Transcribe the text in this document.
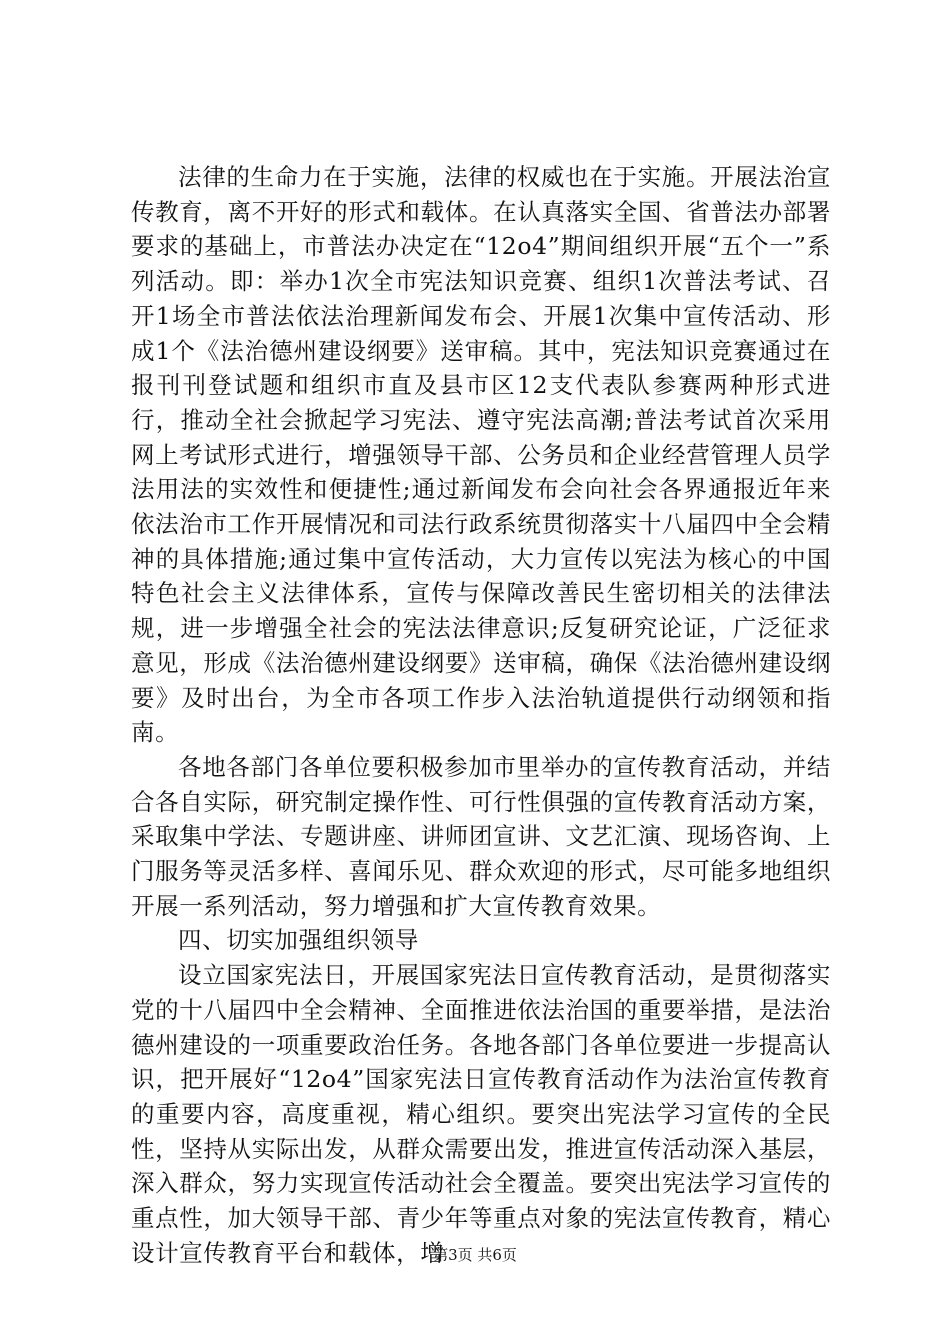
法律的生命力在于实施，法律的权威也在于实施。开展法治宣传教育，离不开好的形式和载体。在认真落实全国、省普法办部署要求的基础上，市普法办决定在“12o4”期间组织开展“五个一”系列活动。即：举办1次全市宪法知识竞赛、组织1次普法考试、召开1场全市普法依法治理新闻发布会、开展1次集中宣传活动、形成1个《法治德州建设纲要》送审稿。其中，宪法知识竞赛通过在报刊刊登试题和组织市直及县市区12支代表队参赛两种形式进行，推动全社会掀起学习宪法、遵守宪法高潮;普法考试首次采用网上考试形式进行，增强领导干部、公务员和企业经营管理人员学法用法的实效性和便捷性;通过新闻发布会向社会各界通报近年来依法治市工作开展情况和司法行政系统贯彻落实十八届四中全会精神的具体措施;通过集中宣传活动，大力宣传以宪法为核心的中国特色社会主义法律体系，宣传与保障改善民生密切相关的法律法规，进一步增强全社会的宪法法律意识;反复研究论证，广泛征求意见，形成《法治德州建设纲要》送审稿，确保《法治德州建设纲要》及时出台，为全市各项工作步入法治轨道提供行动纲领和指南。

各地各部门各单位要积极参加市里举办的宣传教育活动，并结合各自实际，研究制定操作性、可行性俱强的宣传教育活动方案，采取集中学法、专题讲座、讲师团宣讲、文艺汇演、现场咨询、上门服务等灵活多样、喜闻乐见、群众欢迎的形式，尽可能多地组织开展一系列活动，努力增强和扩大宣传教育效果。

四、切实加强组织领导

设立国家宪法日，开展国家宪法日宣传教育活动，是贯彻落实党的十八届四中全会精神、全面推进依法治国的重要举措，是法治德州建设的一项重要政治任务。各地各部门各单位要进一步提高认识，把开展好“12o4”国家宪法日宣传教育活动作为法治宣传教育的重要内容，高度重视，精心组织。要突出宪法学习宣传的全民性，坚持从实际出发，从群众需要出发，推进宣传活动深入基层，深入群众，努力实现宣传活动社会全覆盖。要突出宪法学习宣传的重点性，加大领导干部、青少年等重点对象的宪法宣传教育，精心设计宣传教育平台和载体，增

第3页 共6页
